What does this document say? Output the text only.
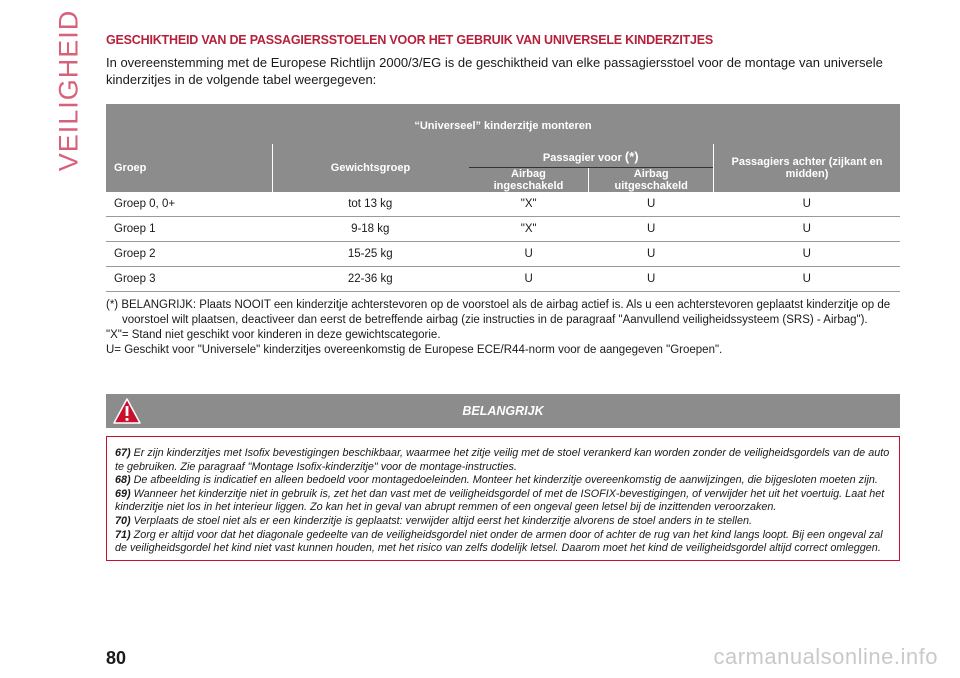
VEILIGHEID GESCHIKTHEID VAN DE PASSAGIERSSTOELEN VOOR HET GEBRUIK VAN UNIVERSELE KINDERZITJES

In overeenstemming met de Europese Richtlijn 2000/3/EG is de geschiktheid van elke passagiersstoel voor de montage van universele kinderzitjes in de volgende tabel weergegeven:

“Universeel” kinderzitje monteren				
Groep	Gewichtsgroep	Passagier voor (*)		Passagiers achter (zijkant en midden)
		Airbag ingeschakeld	Airbag uitgeschakeld	
Groep 0, 0+	tot 13 kg	"X"	U	U
Groep 1	9-18 kg	"X"	U	U
Groep 2	15-25 kg	U	U	U
Groep 3	22-36 kg	U	U	U

(*) BELANGRIJK: Plaats NOOIT een kinderzitje achterstevoren op de voorstoel als de airbag actief is. Als u een achterstevoren geplaatst kinderzitje op de voorstoel wilt plaatsen, deactiveer dan eerst de betreffende airbag (zie instructies in de paragraaf "Aanvullend veiligheidssysteem (SRS) - Airbag").

"X"= Stand niet geschikt voor kinderen in deze gewichtscategorie.

U= Geschikt voor "Universele" kinderzitjes overeenkomstig de Europese ECE/R44-norm voor de aangegeven "Groepen".

BELANGRIJK

67) Er zijn kinderzitjes met Isofix bevestigingen beschikbaar, waarmee het zitje veilig met de stoel verankerd kan worden zonder de veiligheidsgordels van de auto te gebruiken. Zie paragraaf "Montage Isofix-kinderzitje" voor de montage-instructies.

68) De afbeelding is indicatief en alleen bedoeld voor montagedoeleinden. Monteer het kinderzitje overeenkomstig de aanwijzingen, die bijgesloten moeten zijn.

69) Wanneer het kinderzitje niet in gebruik is, zet het dan vast met de veiligheidsgordel of met de ISOFIX-bevestigingen, of verwijder het uit het voertuig. Laat het kinderzitje niet los in het interieur liggen. Zo kan het in geval van abrupt remmen of een ongeval geen letsel bij de inzittenden veroorzaken.

70) Verplaats de stoel niet als er een kinderzitje is geplaatst: verwijder altijd eerst het kinderzitje alvorens de stoel anders in te stellen.

71) Zorg er altijd voor dat het diagonale gedeelte van de veiligheidsgordel niet onder de armen door of achter de rug van het kind langs loopt. Bij een ongeval zal de veiligheidsgordel het kind niet vast kunnen houden, met het risico van zelfs dodelijk letsel. Daarom moet het kind de veiligheidsgordel altijd correct omleggen.

80	carmanualsonline.info
